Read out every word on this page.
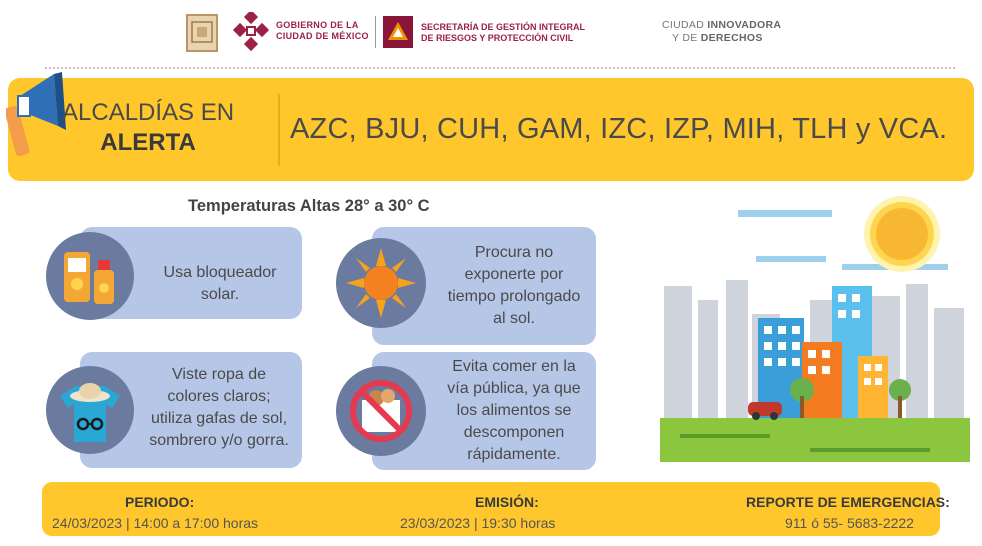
GOBIERNO DE LA
CIUDAD DE MÉXICO
SECRETARÍA DE GESTIÓN INTEGRAL
DE RIESGOS Y PROTECCIÓN CIVIL
CIUDAD INNOVADORA
Y DE DERECHOS
ALCALDÍAS EN
ALERTA	AZC, BJU, CUH, GAM, IZC, IZP, MIH, TLH y VCA.
Temperaturas Altas 28° a 30° C
Usa bloqueador
solar.
Procura no
exponerte por
tiempo prolongado
al sol.
Viste ropa de
colores claros;
utiliza gafas de sol,
sombrero y/o gorra.
Evita comer en la
vía pública, ya que
los alimentos se
descomponen
rápidamente.
PERIODO:
24/03/2023 | 14:00 a 17:00 horas
EMISIÓN:
23/03/2023 | 19:30 horas
REPORTE DE EMERGENCIAS:
911 ó 55- 5683-2222
